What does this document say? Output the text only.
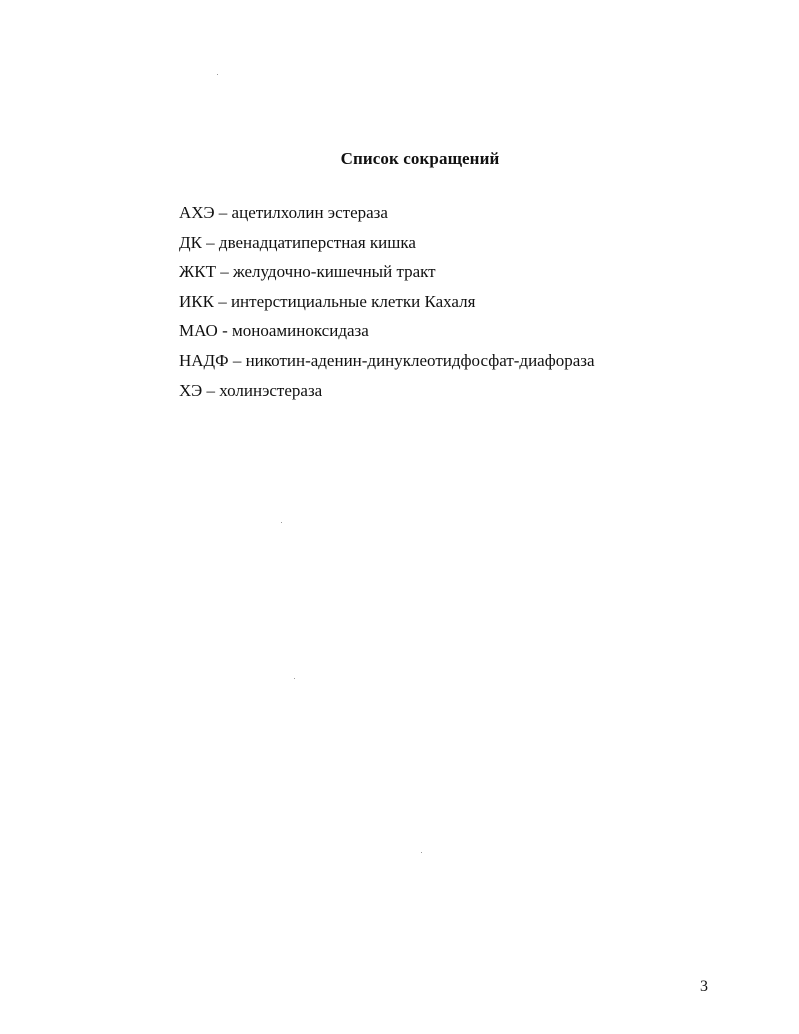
Список сокращений
АХЭ – ацетилхолин эстераза
ДК – двенадцатиперстная кишка
ЖКТ – желудочно-кишечный тракт
ИКК – интерстициальные клетки Кахаля
МАО - моноаминоксидаза
НАДФ – никотин-аденин-динуклеотидфосфат-диафораза
ХЭ – холинэстераза
3
